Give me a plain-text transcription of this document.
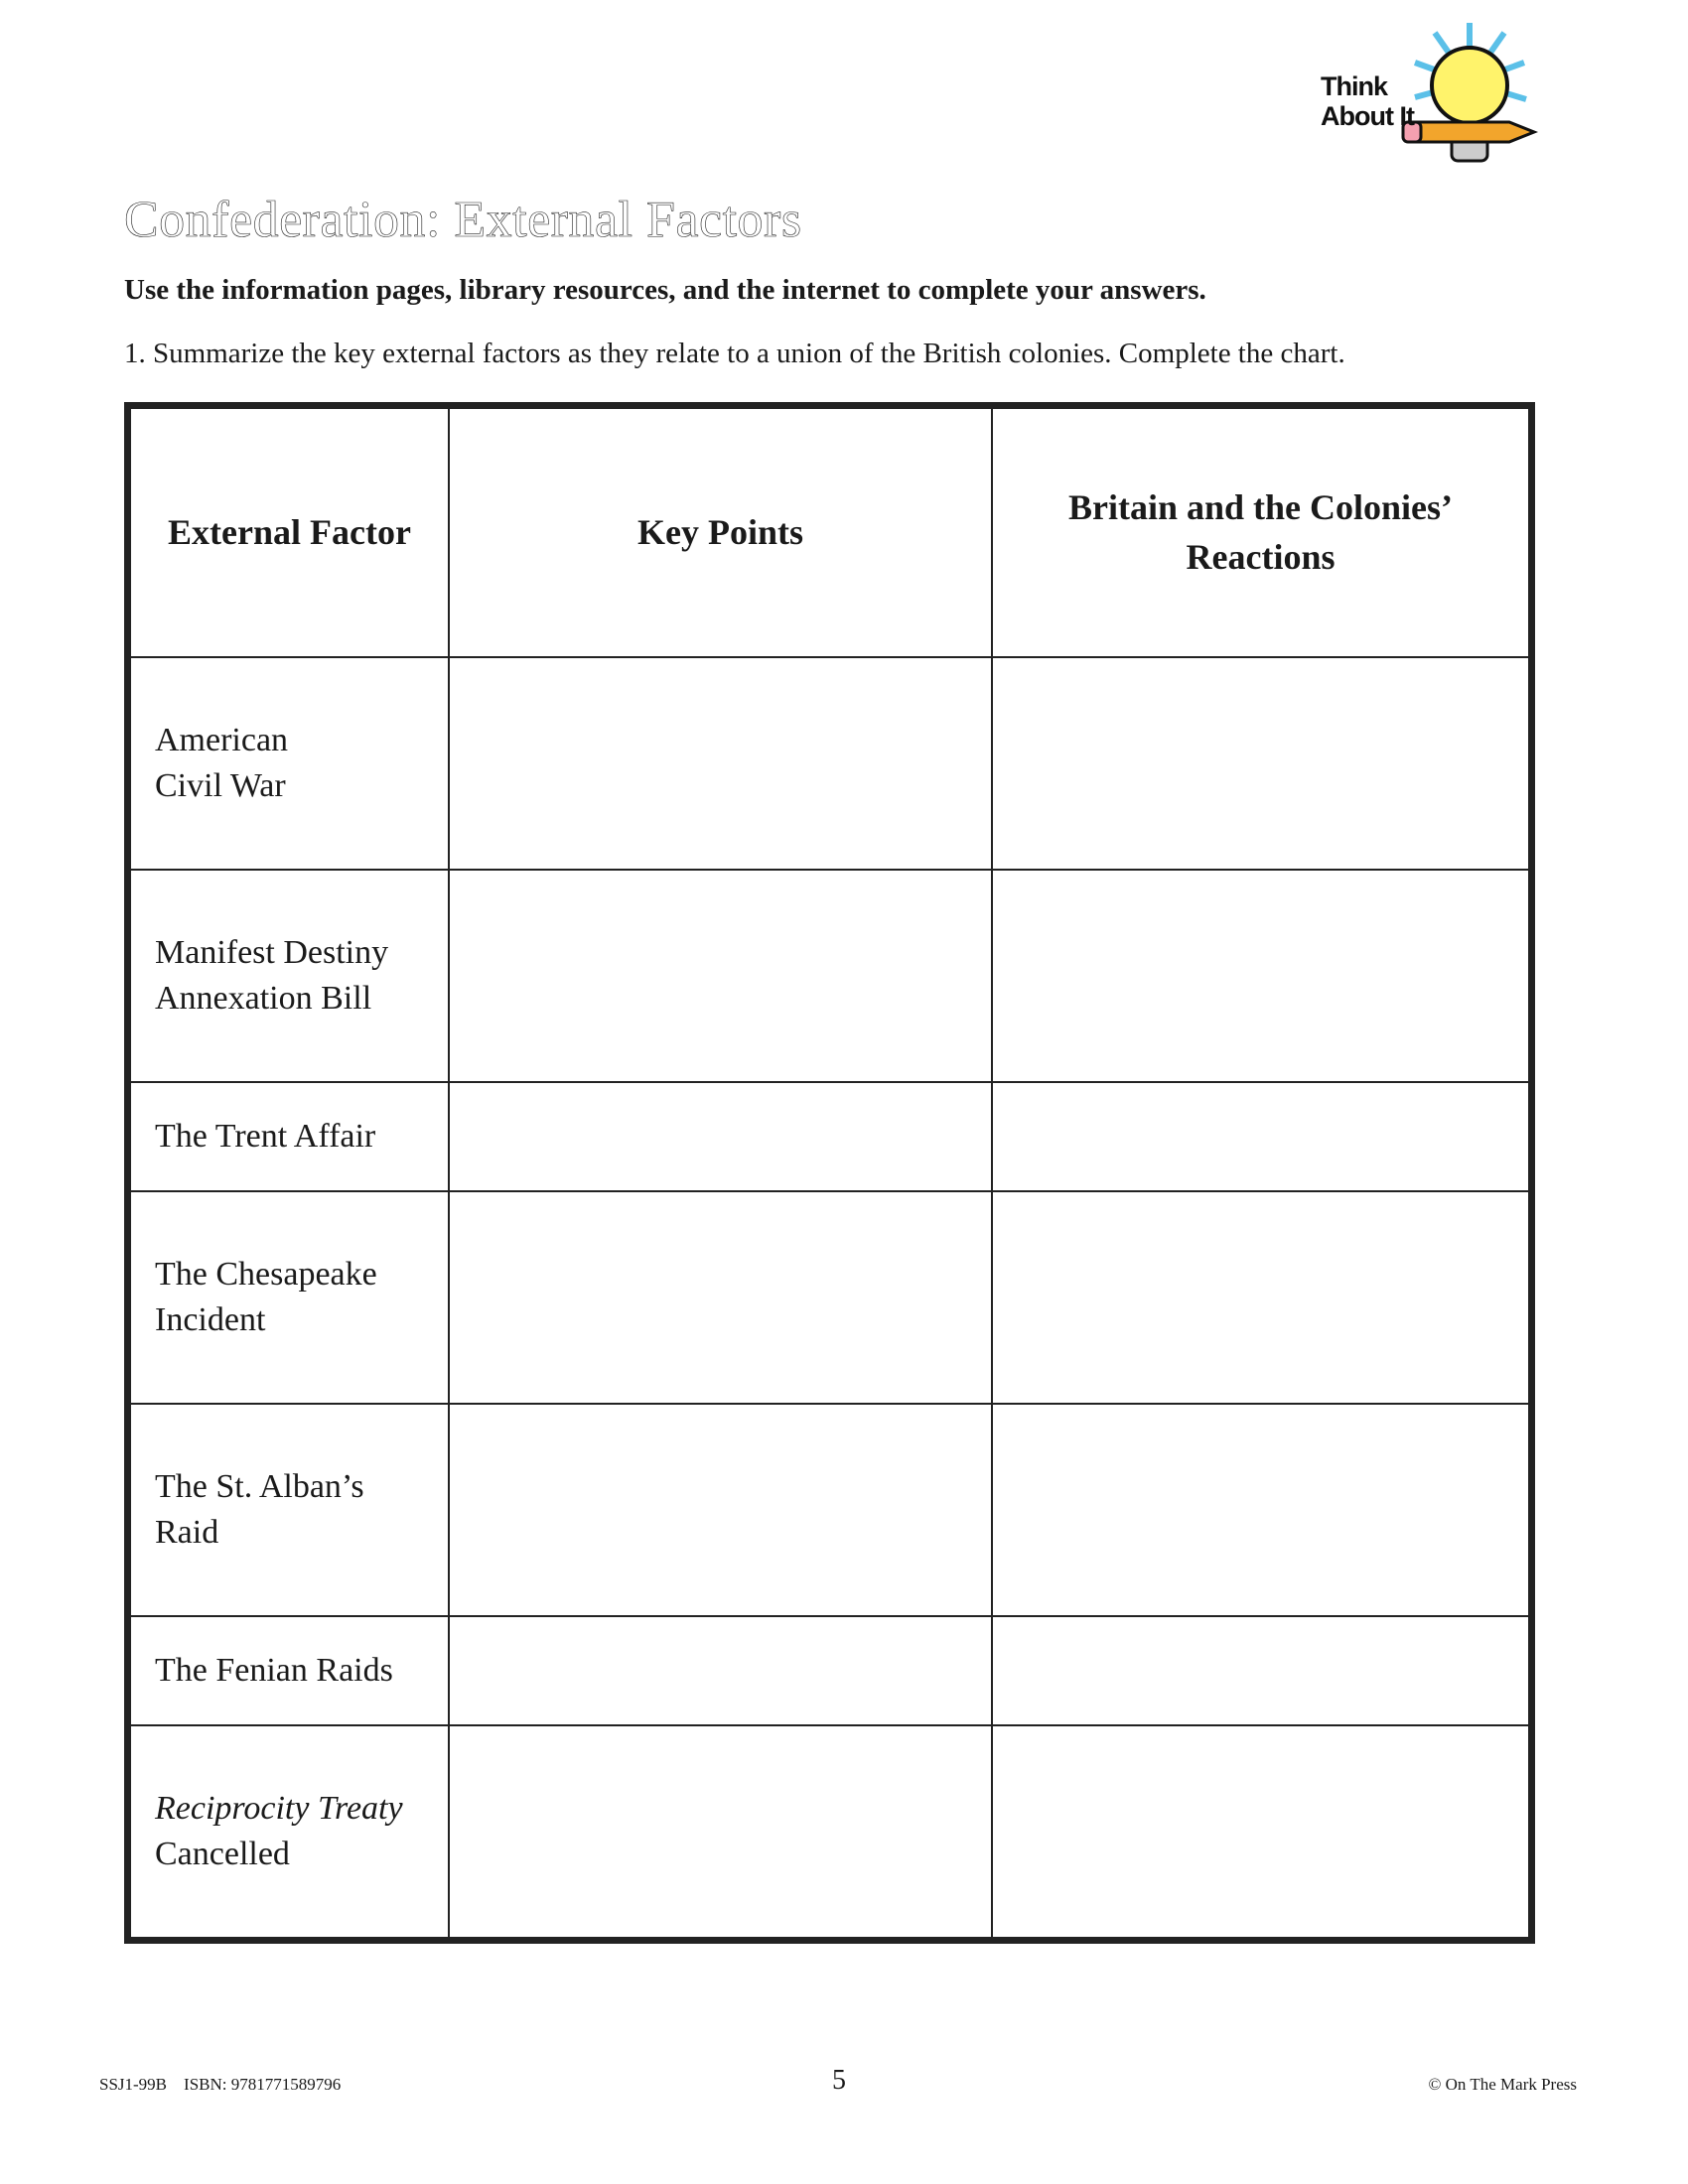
Think
About It
Confederation: External Factors
Use the information pages, library resources, and the internet to complete your answers.
1. Summarize the key external factors as they relate to a union of the British colonies. Complete the chart.
External Factor	Key Points	Britain and the Colonies’ Reactions

American
Civil War		

Manifest Destiny
Annexation Bill		

The Trent Affair		

The Chesapeake
Incident		

The St. Alban’s
Raid		

The Fenian Raids		

Reciprocity Treaty
Cancelled		

SSJ1-99B ISBN: 9781771589796	5	© On The Mark Press
